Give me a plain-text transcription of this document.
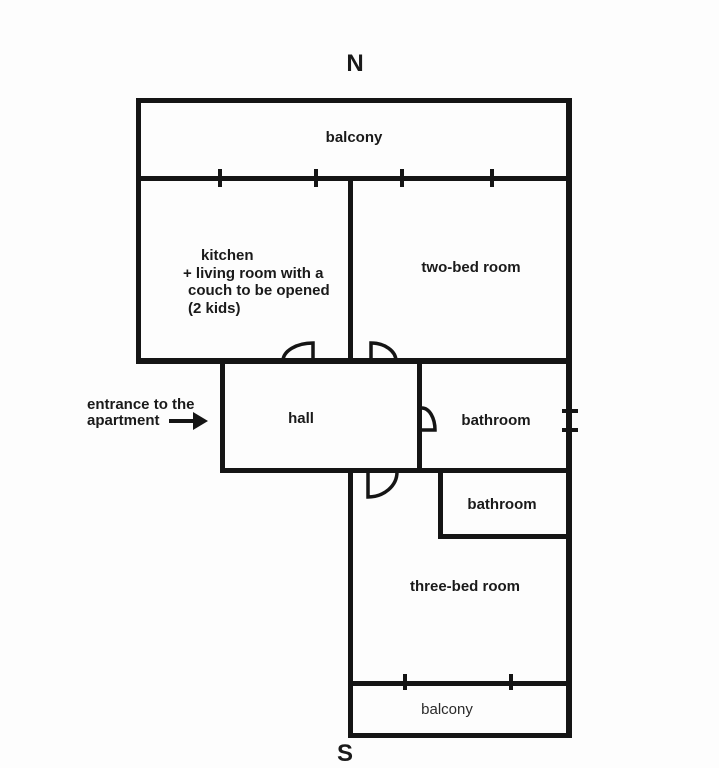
N
S
balcony
kitchen
+ living room with a
couch to be opened
(2 kids)
two-bed room
hall	bathroom
bathroom
three-bed room
balcony
entrance to the
apartment
